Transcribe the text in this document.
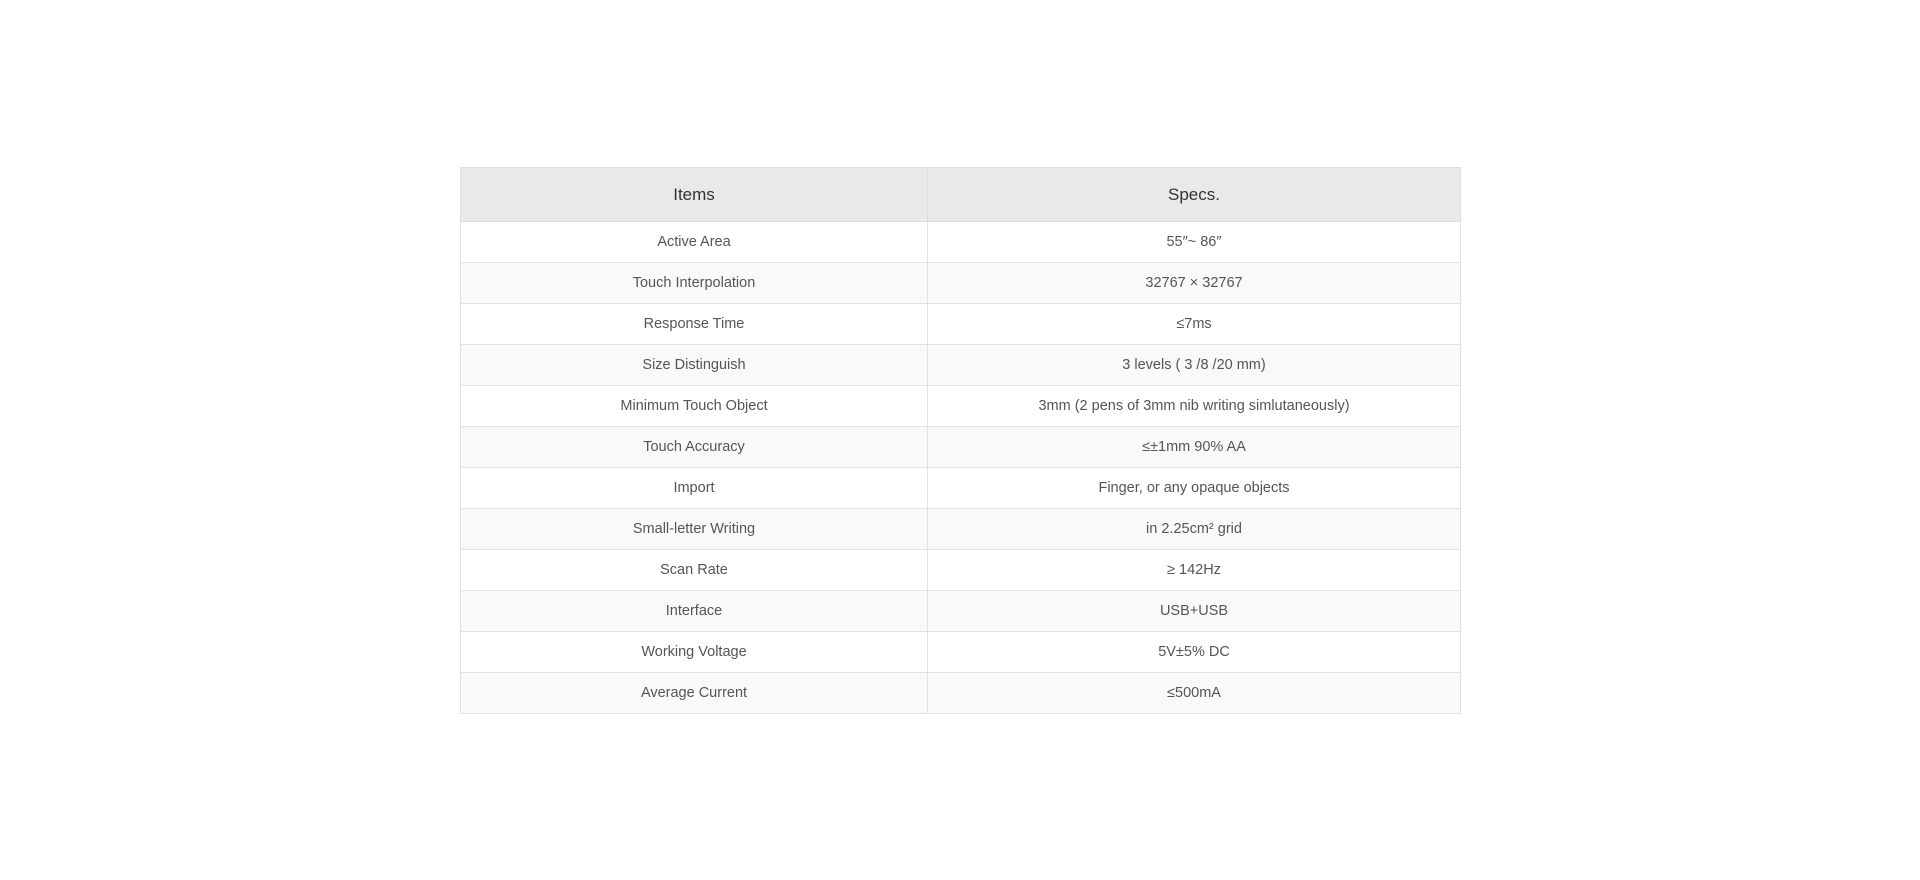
Items	Specs.
Active Area	55″~ 86″
Touch Interpolation	32767 × 32767
Response Time	≤7ms
Size Distinguish	3 levels ( 3 /8 /20 mm)
Minimum Touch Object	3mm (2 pens of 3mm nib writing simlutaneously)
Touch Accuracy	≤±1mm 90% AA
Import	Finger, or any opaque objects
Small-letter Writing	in 2.25cm² grid
Scan Rate	≥ 142Hz
Interface	USB+USB
Working Voltage	5V±5% DC
Average Current	≤500mA
